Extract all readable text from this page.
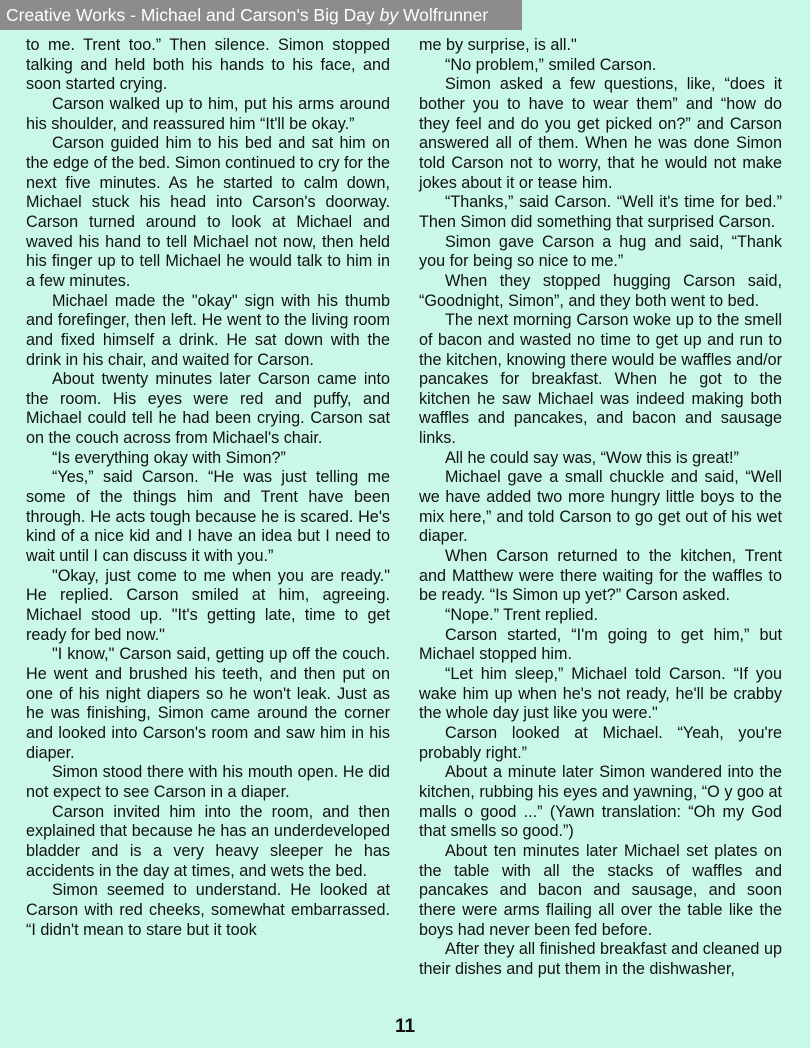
Creative Works - Michael and Carson's Big Day by Wolfrunner

to me. Trent too.” Then silence. Simon stopped talking and held both his hands to his face, and soon started crying.

Carson walked up to him, put his arms around his shoulder, and reassured him “It'll be okay.”

Carson guided him to his bed and sat him on the edge of the bed. Simon continued to cry for the next five minutes. As he started to calm down, Michael stuck his head into Carson's doorway. Carson turned around to look at Michael and waved his hand to tell Michael not now, then held his finger up to tell Michael he would talk to him in a few minutes.

Michael made the "okay" sign with his thumb and forefinger, then left. He went to the living room and fixed himself a drink. He sat down with the drink in his chair, and waited for Carson.

About twenty minutes later Carson came into the room. His eyes were red and puffy, and Michael could tell he had been crying. Carson sat on the couch across from Michael's chair.

“Is everything okay with Simon?”

“Yes,” said Carson. “He was just telling me some of the things him and Trent have been through. He acts tough because he is scared. He's kind of a nice kid and I have an idea but I need to wait until I can discuss it with you.”

"Okay, just come to me when you are ready." He replied. Carson smiled at him, agreeing. Michael stood up. "It's getting late, time to get ready for bed now."

"I know," Carson said, getting up off the couch. He went and brushed his teeth, and then put on one of his night diapers so he won't leak. Just as he was finishing, Simon came around the corner and looked into Carson's room and saw him in his diaper.

Simon stood there with his mouth open. He did not expect to see Carson in a diaper.

Carson invited him into the room, and then explained that because he has an underdeveloped bladder and is a very heavy sleeper he has accidents in the day at times, and wets the bed.

Simon seemed to understand. He looked at Carson with red cheeks, somewhat embarrassed. “I didn't mean to stare but it took

me by surprise, is all."

“No problem,” smiled Carson.

Simon asked a few questions, like, “does it bother you to have to wear them” and “how do they feel and do you get picked on?” and Carson answered all of them. When he was done Simon told Carson not to worry, that he would not make jokes about it or tease him.

“Thanks,” said Carson. “Well it's time for bed.” Then Simon did something that surprised Carson.

Simon gave Carson a hug and said, “Thank you for being so nice to me.”

When they stopped hugging Carson said, “Goodnight, Simon”, and they both went to bed.

The next morning Carson woke up to the smell of bacon and wasted no time to get up and run to the kitchen, knowing there would be waffles and/or pancakes for breakfast. When he got to the kitchen he saw Michael was indeed making both waffles and pancakes, and bacon and sausage links.

All he could say was, “Wow this is great!”

Michael gave a small chuckle and said, “Well we have added two more hungry little boys to the mix here,” and told Carson to go get out of his wet diaper.

When Carson returned to the kitchen, Trent and Matthew were there waiting for the waffles to be ready. “Is Simon up yet?” Carson asked.

“Nope.” Trent replied.

Carson started, “I'm going to get him,” but Michael stopped him.

“Let him sleep,” Michael told Carson. “If you wake him up when he's not ready, he'll be crabby the whole day just like you were."

Carson looked at Michael. “Yeah, you're probably right.”

About a minute later Simon wandered into the kitchen, rubbing his eyes and yawning, “O y goo at malls o good ...” (Yawn translation: “Oh my God that smells so good.”)

About ten minutes later Michael set plates on the table with all the stacks of waffles and pancakes and bacon and sausage, and soon there were arms flailing all over the table like the boys had never been fed before.

After they all finished breakfast and cleaned up their dishes and put them in the dishwasher,

11
